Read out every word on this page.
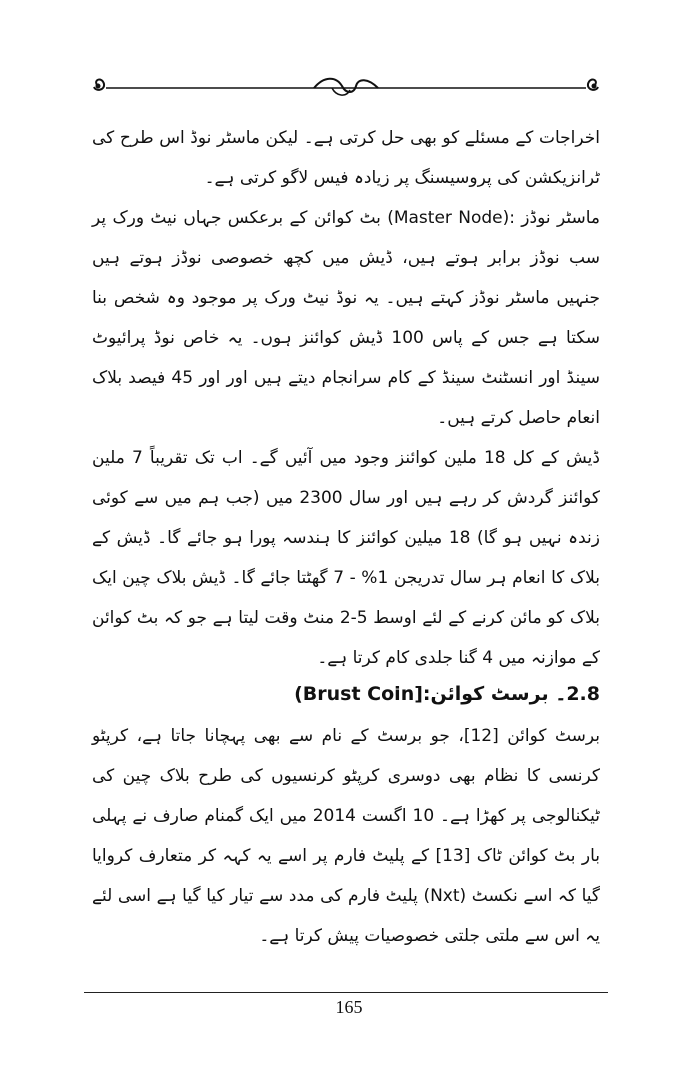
اخراجات کے مسئلے کو بھی حل کرتی ہے۔ لیکن ماسٹر نوڈ اس طرح کی ٹرانزیکشن کی پروسیسنگ پر زیادہ فیس لاگو کرتی ہے۔

ماسٹر نوڈز :(Master Node) بٹ کوائن کے برعکس جہاں نیٹ ورک پر سب نوڈز برابر ہوتے ہیں، ڈیش میں کچھ خصوصی نوڈز ہوتے ہیں جنہیں ماسٹر نوڈز کہتے ہیں۔ یہ نوڈ نیٹ ورک پر موجود وہ شخص بنا سکتا ہے جس کے پاس 100 ڈیش کوائنز ہوں۔ یہ خاص نوڈ پرائیوٹ سینڈ اور انسٹنٹ سینڈ کے کام سرانجام دیتے ہیں اور اور 45 فیصد بلاک انعام حاصل کرتے ہیں۔

ڈیش کے کل 18 ملین کوائنز وجود میں آئیں گے۔ اب تک تقریباً 7 ملین کوائنز گردش کر رہے ہیں اور سال 2300 میں (جب ہم میں سے کوئی زندہ نہیں ہو گا) 18 میلین کوائنز کا ہندسہ پورا ہو جائے گا۔ ڈیش کے بلاک کا انعام ہر سال تدریجن 1% - 7 گھٹتا جائے گا۔ ڈیش بلاک چین ایک بلاک کو مائن کرنے کے لئے اوسط 5-2 منٹ وقت لیتا ہے جو کہ بٹ کوائن کے موازنہ میں 4 گنا جلدی کام کرتا ہے۔

2.8۔ برسٹ کوائن:[Brust Coin)

برسٹ کوائن [12]، جو برسٹ کے نام سے بھی پہچانا جاتا ہے، کرپٹو کرنسی کا نظام بھی دوسری کرپٹو کرنسیوں کی طرح بلاک چین کی ٹیکنالوجی پر کھڑا ہے۔ 10 اگست 2014 میں ایک گمنام صارف نے پہلی بار بٹ کوائن ٹاک [13] کے پلیٹ فارم پر اسے یہ کہہ کر متعارف کروایا گیا کہ اسے نکسٹ (Nxt) پلیٹ فارم کی مدد سے تیار کیا گیا ہے اسی لئے یہ اس سے ملتی جلتی خصوصیات پیش کرتا ہے۔

165
